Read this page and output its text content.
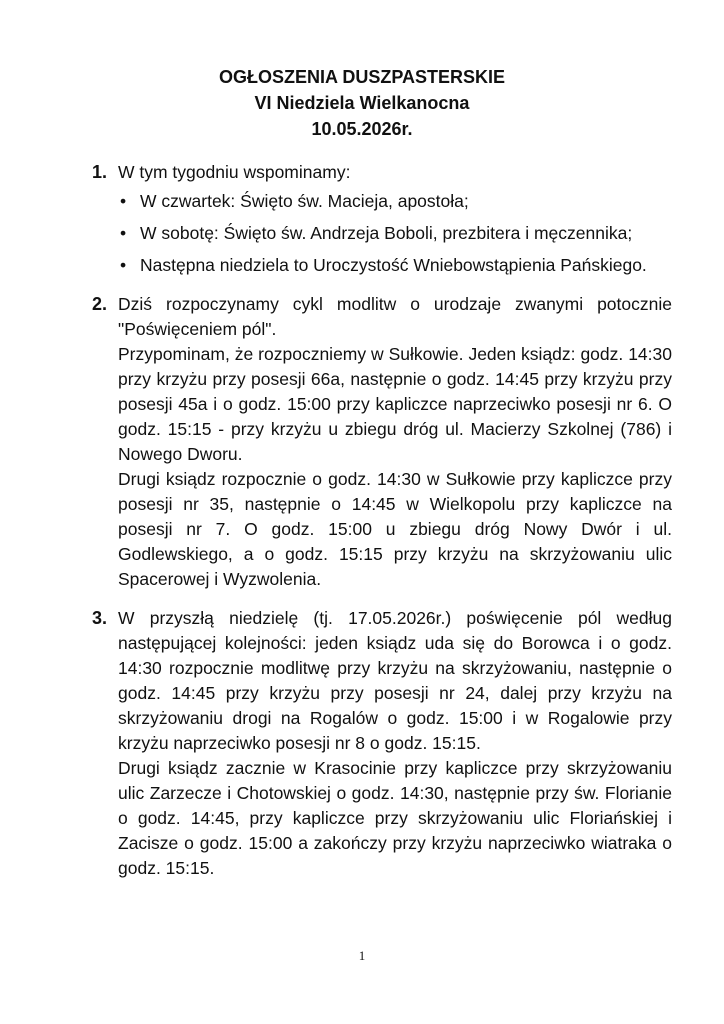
OGŁOSZENIA DUSZPASTERSKIE
VI Niedziela Wielkanocna
10.05.2026r.
1. W tym tygodniu wspominamy:

• W czwartek: Święto św. Macieja, apostoła;
• W sobotę: Święto św. Andrzeja Boboli, prezbitera i męczennika;
• Następna niedziela to Uroczystość Wniebowstąpienia Pańskiego.
2. Dziś rozpoczynamy cykl modlitw o urodzaje zwanymi potocznie "Poświęceniem pól".

Przypominam, że rozpoczniemy w Sułkowie. Jeden ksiądz: godz. 14:30 przy krzyżu przy posesji 66a, następnie o godz. 14:45 przy krzyżu przy posesji 45a i o godz. 15:00 przy kapliczce naprzeciwko posesji nr 6. O godz. 15:15 - przy krzyżu u zbiegu dróg ul. Macierzy Szkolnej (786) i Nowego Dworu.

Drugi ksiądz rozpocznie o godz. 14:30 w Sułkowie przy kapliczce przy posesji nr 35, następnie o 14:45 w Wielkopolu przy kapliczce na posesji nr 7. O godz. 15:00 u zbiegu dróg Nowy Dwór i ul. Godlewskiego, a o godz. 15:15 przy krzyżu na skrzyżowaniu ulic Spacerowej i Wyzwolenia.

3. W przyszłą niedzielę (tj. 17.05.2026r.) poświęcenie pól według następującej kolejności: jeden ksiądz uda się do Borowca i o godz. 14:30 rozpocznie modlitwę przy krzyżu na skrzyżowaniu, następnie o godz. 14:45 przy krzyżu przy posesji nr 24, dalej przy krzyżu na skrzyżowaniu drogi na Rogalów o godz. 15:00 i w Rogalowie przy krzyżu naprzeciwko posesji nr 8 o godz. 15:15.

Drugi ksiądz zacznie w Krasocinie przy kapliczce przy skrzyżowaniu ulic Zarzecze i Chotowskiej o godz. 14:30, następnie przy św. Florianie o godz. 14:45, przy kapliczce przy skrzyżowaniu ulic Floriańskiej i Zacisze o godz. 15:00 a zakończy przy krzyżu naprzeciwko wiatraka o godz. 15:15.

1
